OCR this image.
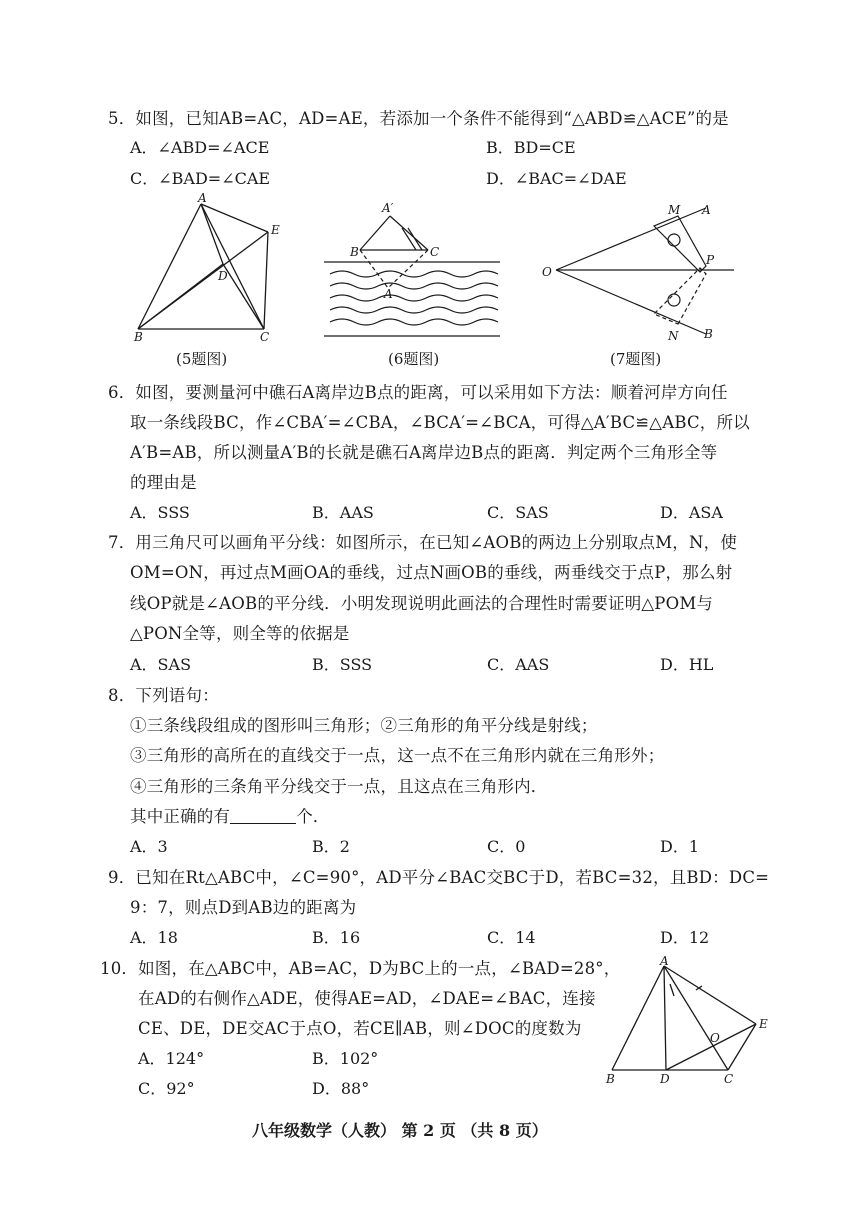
5．如图，已知AB=AC，AD=AE，若添加一个条件不能得到“△ABD≌△ACE”的是
A．∠ABD=∠ACE	B．BD=CE
C．∠BAD=∠CAE	D．∠BAC=∠DAE
A
E
D
B	C
A′
B	C
A
M A
O
P
N B
(5题图)	(6题图)	(7题图)
6．如图，要测量河中礁石A离岸边B点的距离，可以采用如下方法：顺着河岸方向任
取一条线段BC，作∠CBA′=∠CBA，∠BCA′=∠BCA，可得△A′BC≌△ABC，所以
A′B=AB，所以测量A′B的长就是礁石A离岸边B点的距离．判定两个三角形全等
的理由是
A．SSS	B．AAS	C．SAS	D．ASA
7．用三角尺可以画角平分线：如图所示，在已知∠AOB的两边上分别取点M，N，使
OM=ON，再过点M画OA的垂线，过点N画OB的垂线，两垂线交于点P，那么射
线OP就是∠AOB的平分线．小明发现说明此画法的合理性时需要证明△POM与
△PON全等，则全等的依据是
A．SAS	B．SSS	C．AAS	D．HL
8．下列语句：
①三条线段组成的图形叫三角形；②三角形的角平分线是射线；
③三角形的高所在的直线交于一点，这一点不在三角形内就在三角形外；
④三角形的三条角平分线交于一点，且这点在三角形内．
其中正确的有	个．
A．3	B．2	C．0	D．1
9．已知在Rt△ABC中，∠C=90°，AD平分∠BAC交BC于D，若BC=32，且BD：DC=
9：7，则点D到AB边的距离为
A．18	B．16	C．14	D．12
10．如图，在△ABC中，AB=AC，D为BC上的一点，∠BAD=28°，
在AD的右侧作△ADE，使得AE=AD，∠DAE=∠BAC，连接
CE、DE，DE交AC于点O，若CE∥AB，则∠DOC的度数为
A．124°	B．102°
C．92°	D．88°
A
E
O
B	D	C
八年级数学（人教） 第 2 页 （共 8 页）
